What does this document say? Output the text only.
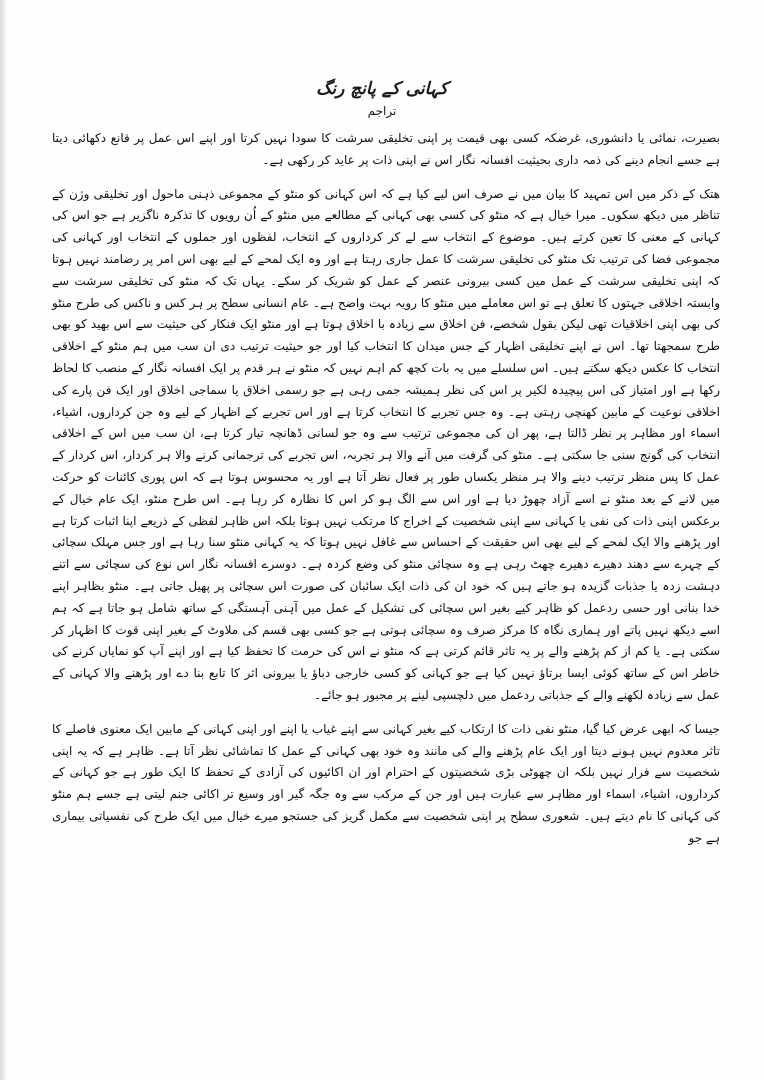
کہانی کے پانچ رنگ
تراجم

بصیرت، نمائی یا دانشوری، غرضکہ کسی بھی قیمت پر اپنی تخلیقی سرشت کا سودا نہیں کرتا اور اپنے اس عمل پر قانع دکھائی دیتا ہے جسے انجام دینے کی ذمہ داری بحیثیت افسانہ نگار اس نے اپنی ذات پر عاید کر رکھی ہے۔

ھتک کے ذکر میں اس تمہید کا بیان میں نے صرف اس لیے کیا ہے کہ اس کہانی کو منٹو کے مجموعی ذہنی ماحول اور تخلیقی وژن کے تناظر میں دیکھ سکوں۔ میرا خیال ہے کہ منٹو کی کسی بھی کہانی کے مطالعے میں منٹو کے اُن رویوں کا تذکرہ ناگزیر ہے جو اس کی کہانی کے معنی کا تعین کرتے ہیں۔ موضوع کے انتخاب سے لے کر کرداروں کے انتخاب، لفظوں اور جملوں کے انتخاب اور کہانی کی مجموعی فضا کی ترتیب تک منٹو کی تخلیقی سرشت کا عمل جاری رہتا ہے اور وہ ایک لمحے کے لیے بھی اس امر پر رضامند نہیں ہوتا کہ اپنی تخلیقی سرشت کے عمل میں کسی بیرونی عنصر کے عمل کو شریک کر سکے۔ یہاں تک کہ منٹو کی تخلیقی سرشت سے وابستہ اخلاقی جہتوں کا تعلق ہے تو اس معاملے میں منٹو کا رویہ بہت واضح ہے۔ عام انسانی سطح پر ہر کس و ناکس کی طرح منٹو کی بھی اپنی اخلاقیات تھی لیکن بقول شخصے، فن اخلاق سے زیادہ با اخلاق ہوتا ہے اور منٹو ایک فنکار کی حیثیت سے اس بھید کو بھی طرح سمجھتا تھا۔ اس نے اپنے تخلیقی اظہار کے جس میدان کا انتخاب کیا اور جو حیثیت ترتیب دی ان سب میں ہم منٹو کے اخلاقی انتخاب کا عکس دیکھ سکتے ہیں۔ اس سلسلے میں یہ بات کچھ کم اہم نہیں کہ منٹو نے ہر قدم پر ایک افسانہ نگار کے منصب کا لحاظ رکھا ہے اور امتیاز کی اس پیچیدہ لکیر پر اس کی نظر ہمیشہ جمی رہی ہے جو رسمی اخلاق یا سماجی اخلاق اور ایک فن پارے کی اخلاقی نوعیت کے مابین کھنچی رہتی ہے۔ وہ جس تجربے کا انتخاب کرتا ہے اور اس تجربے کے اظہار کے لیے وہ جن کرداروں، اشیاء، اسماء اور مظاہر پر نظر ڈالتا ہے، پھر ان کی مجموعی ترتیب سے وہ جو لسانی ڈھانچہ تیار کرتا ہے، ان سب میں اس کے اخلاقی انتخاب کی گونج سنی جا سکتی ہے۔ منٹو کی گرفت میں آنے والا ہر تجربہ، اس تجربے کی ترجمانی کرنے والا ہر کردار، اس کردار کے عمل کا پس منظر ترتیب دینے والا ہر منظر یکساں طور پر فعال نظر آتا ہے اور یہ محسوس ہوتا ہے کہ اس پوری کائنات کو حرکت میں لانے کے بعد منٹو نے اسے آزاد چھوڑ دیا ہے اور اس سے الگ ہو کر اس کا نظارہ کر رہا ہے۔ اس طرح منٹو، ایک عام خیال کے برعکس اپنی ذات کی نفی یا کہانی سے اپنی شخصیت کے اخراج کا مرتکب نہیں ہوتا بلکہ اس ظاہر لفظی کے ذریعے اپنا اثبات کرتا ہے اور پڑھنے والا ایک لمحے کے لیے بھی اس حقیقت کے احساس سے غافل نہیں ہوتا کہ یہ کہانی منٹو سنا رہا ہے اور جس مہلک سچائی کے چہرے سے دھند دھیرے دھیرے چھٹ رہی ہے وہ سچائی منٹو کی وضع کردہ ہے۔ دوسرے افسانہ نگار اس نوع کی سچائی سے اتنے دہشت زدہ یا جذبات گزیدہ ہو جاتے ہیں کہ خود ان کی ذات ایک سائبان کی صورت اس سچائی پر پھیل جاتی ہے۔ منٹو بظاہر اپنے خدا بنانی اور حسی ردعمل کو ظاہر کیے بغیر اس سچائی کی تشکیل کے عمل میں آہنی آہستگی کے ساتھ شامل ہو جاتا ہے کہ ہم اسے دیکھ نہیں پاتے اور ہماری نگاہ کا مرکز صرف وہ سچائی ہوتی ہے جو کسی بھی قسم کی ملاوٹ کے بغیر اپنی قوت کا اظہار کر سکتی ہے۔ یا کم از کم پڑھنے والے پر یہ تاثر قائم کرتی ہے کہ منٹو نے اس کی حرمت کا تحفظ کیا ہے اور اپنے آپ کو نمایاں کرنے کی خاطر اس کے ساتھ کوئی ایسا برتاؤ نہیں کیا ہے جو کہانی کو کسی خارجی دباؤ یا بیرونی اثر کا تابع بنا دے اور پڑھنے والا کہانی کے عمل سے زیادہ لکھنے والے کے جذباتی ردعمل میں دلچسپی لینے پر مجبور ہو جائے۔

جیسا کہ ابھی عرض کیا گیا، منٹو نفی ذات کا ارتکاب کیے بغیر کہانی سے اپنے غیاب یا اپنے اور اپنی کہانی کے مابین ایک معنوی فاصلے کا تاثر معدوم نہیں ہونے دیتا اور ایک عام پڑھنے والے کی مانند وہ خود بھی کہانی کے عمل کا تماشائی نظر آتا ہے۔ ظاہر ہے کہ یہ اپنی شخصیت سے فرار نہیں بلکہ ان چھوٹی بڑی شخصیتوں کے احترام اور ان اکائیوں کی آزادی کے تحفظ کا ایک طور ہے جو کہانی کے کرداروں، اشیاء، اسماء اور مظاہر سے عبارت ہیں اور جن کے مرکب سے وہ جگہ گیر اور وسیع تر اکائی جنم لیتی ہے جسے ہم منٹو کی کہانی کا نام دیتے ہیں۔ شعوری سطح پر اپنی شخصیت سے مکمل گریز کی جستجو میرے خیال میں ایک طرح کی نفسیاتی بیماری ہے جو
